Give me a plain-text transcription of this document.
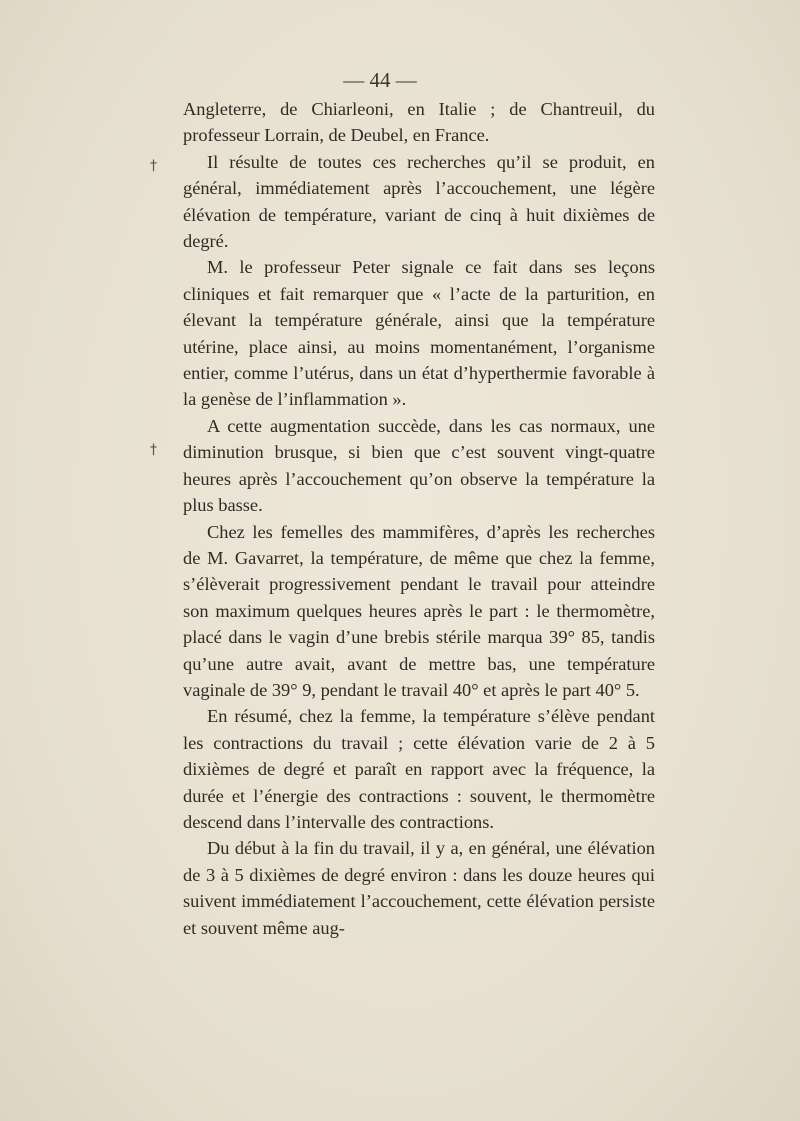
— 44 —
†
†

Angleterre, de Chiarleoni, en Italie ; de Chantreuil, du professeur Lorrain, de Deubel, en France.

Il résulte de toutes ces recherches qu’il se produit, en général, immédiatement après l’accouchement, une légère élévation de température, variant de cinq à huit dixièmes de degré.

M. le professeur Peter signale ce fait dans ses leçons cliniques et fait remarquer que « l’acte de la parturition, en élevant la température générale, ainsi que la température utérine, place ainsi, au moins momentanément, l’organisme entier, comme l’utérus, dans un état d’hyperthermie favorable à la genèse de l’inflammation ».

A cette augmentation succède, dans les cas normaux, une diminution brusque, si bien que c’est souvent vingt-quatre heures après l’accouchement qu’on observe la température la plus basse.

Chez les femelles des mammifères, d’après les recherches de M. Gavarret, la température, de même que chez la femme, s’élèverait progressivement pendant le travail pour atteindre son maximum quelques heures après le part : le thermomètre, placé dans le vagin d’une brebis stérile marqua 39° 85, tandis qu’une autre avait, avant de mettre bas, une température vaginale de 39° 9, pendant le travail 40° et après le part 40° 5.

En résumé, chez la femme, la température s’élève pendant les contractions du travail ; cette élévation varie de 2 à 5 dixièmes de degré et paraît en rapport avec la fréquence, la durée et l’énergie des contractions : souvent, le thermomètre descend dans l’intervalle des contractions.

Du début à la fin du travail, il y a, en général, une élévation de 3 à 5 dixièmes de degré environ : dans les douze heures qui suivent immédiatement l’accouchement, cette élévation persiste et souvent même aug-
